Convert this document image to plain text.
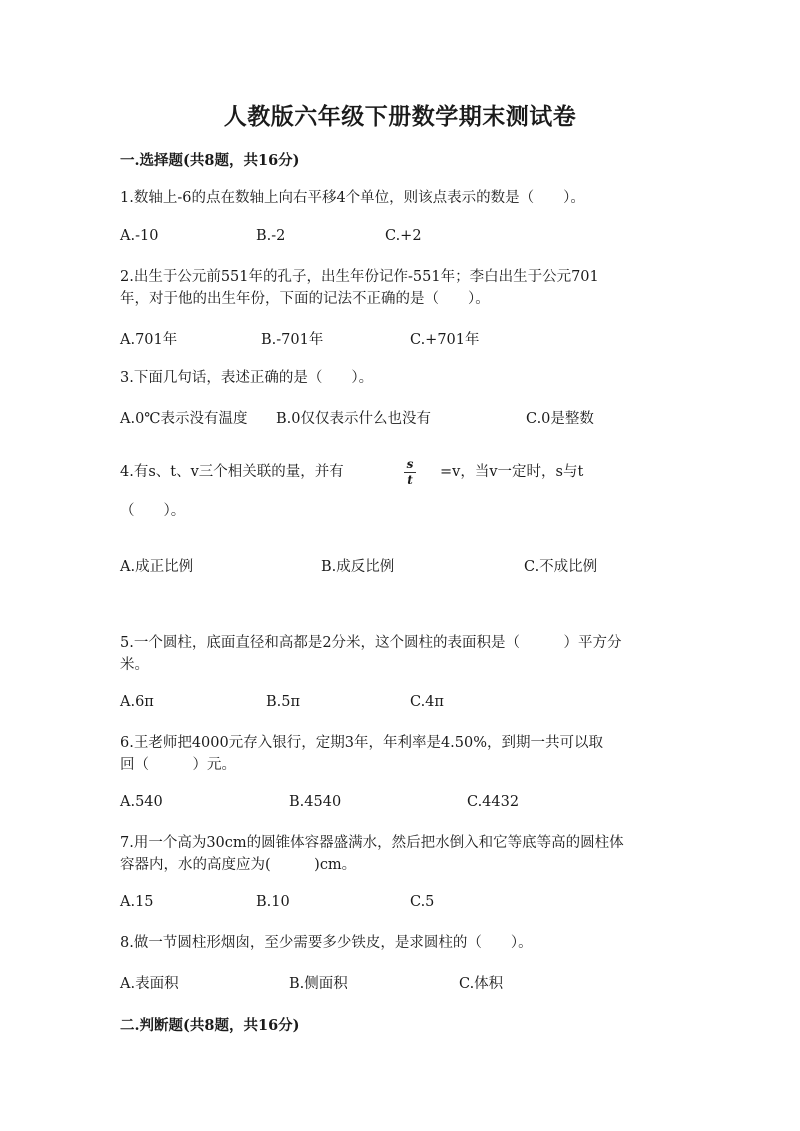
人教版六年级下册数学期末测试卷
一.选择题(共8题，共16分)
1.数轴上-6的点在数轴上向右平移4个单位，则该点表示的数是（　　）。
A.-10	B.-2	C.+2
2.出生于公元前551年的孔子，出生年份记作-551年；李白出生于公元701
年，对于他的出生年份，下面的记法不正确的是（　　）。
A.701年	B.-701年	C.+701年
3.下面几句话，表述正确的是（　　）。
A.0℃表示没有温度 B.0仅仅表示什么也没有	C.0是整数
4.有s、t、v三个相关联的量，并有	$\frac{s}{t} =v$，当v一定时，s与t
（　　）。
A.成正比例	B.成反比例	C.不成比例
5.一个圆柱，底面直径和高都是2分米，这个圆柱的表面积是（　　　）平方分
米。
A.6π	B.5π	C.4π
6.王老师把4000元存入银行，定期3年，年利率是4.50%，到期一共可以取
回（　　　）元。
A.540	B.4540	C.4432
7.用一个高为30cm的圆锥体容器盛满水，然后把水倒入和它等底等高的圆柱体
容器内，水的高度应为(　　　)cm。
A.15	B.10	C.5
8.做一节圆柱形烟囱，至少需要多少铁皮，是求圆柱的（　　）。
A.表面积	B.侧面积	C.体积
二.判断题(共8题，共16分)
